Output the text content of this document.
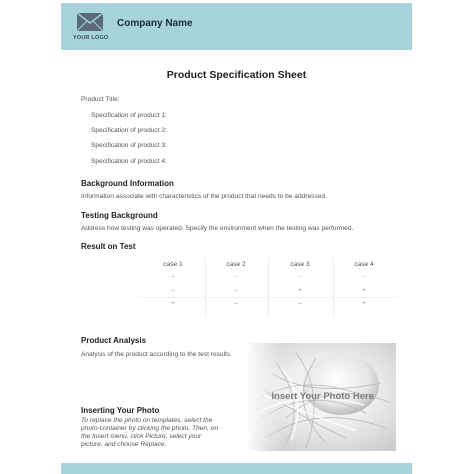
YOUR LOGO
Company Name
Product Specification Sheet
Product Title:
Specification of product 1:
Specification of product 2:
Specification of product 3:
Specification of product 4:
Background Information
Information associate with characteristics of the product that needs to be addressed.
Testing Background
Address how testing was operated. Specify the environment when the testing was performed.
Result on Test
case 1	case 2	case 3	case 4
–	-	-	-
–	–	+	+
+	–	–	+
Product Analysis
Analysis of the product according to the test results
Insert Your Photo Here
Inserting Your Photo
To replace the photo on templates, select the
photo-container by clicking the photo. Then, on
the Insert menu, click Picture, select your
picture, and choose Replace.
